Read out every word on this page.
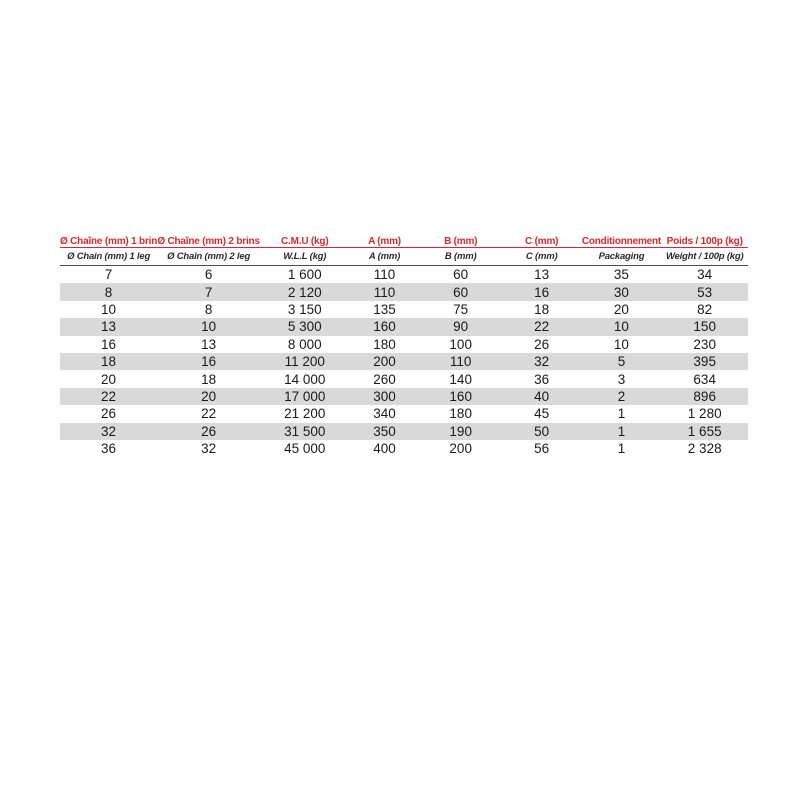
Ø Chaîne (mm) 1 brin	Ø Chaîne (mm) 2 brins	C.M.U (kg)	A (mm)	B (mm)	C (mm)	Conditionnement	Poids / 100p (kg)
Ø Chain (mm) 1 leg	Ø Chain (mm) 2 leg	W.L.L (kg)	A (mm)	B (mm)	C (mm)	Packaging	Weight / 100p (kg)
7	6	1 600	110	60	13	35	34
8	7	2 120	110	60	16	30	53
10	8	3 150	135	75	18	20	82
13	10	5 300	160	90	22	10	150
16	13	8 000	180	100	26	10	230
18	16	11 200	200	110	32	5	395
20	18	14 000	260	140	36	3	634
22	20	17 000	300	160	40	2	896
26	22	21 200	340	180	45	1	1 280
32	26	31 500	350	190	50	1	1 655
36	32	45 000	400	200	56	1	2 328
